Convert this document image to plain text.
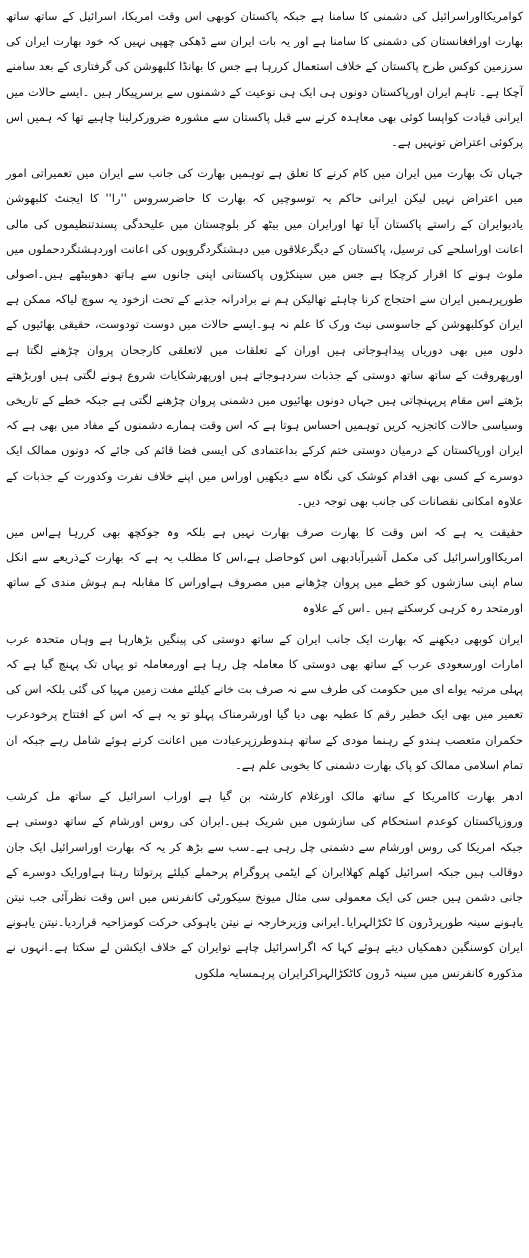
کوامریکااوراسرائیل کی دشمنی کا سامنا ہے جبکہ پاکستان کوبھی اس وقت امریکا، اسرائیل کے ساتھ ساتھ بھارت اورافغانستان کی دشمنی کا سامنا ہے اور یہ بات ایران سے ڈھکی چھپی نہیں کہ خود بھارت ایران کی سرزمین کوکس طرح پاکستان کے خلاف استعمال کررہا ہے جس کا بھانڈا کلبھوشن کی گرفتاری کے بعد سامنے آچکا ہے۔ تاہم ایران اورپاکستان دونوں ہی ایک ہی نوعیت کے دشمنوں سے برسرپیکار ہیں ۔ایسے حالات میں ایرانی قیادت کواپسا کوئی بھی معاہدہ کرنے سے قبل پاکستان سے مشورہ ضرورکرلینا چاہیے تھا کہ ہمیں اس پرکوئی اعتراض تونہیں ہے۔

جہاں تک بھارت میں ایران میں کام کرنے کا تعلق ہے توہمیں بھارت کی جانب سے ایران میں تعمیراتی امور میں اعتراض نہیں لیکن ایرانی حاکم یہ توسوچیں کہ بھارت کا حاضرسروس ''را'' کا ایجنٹ کلبھوشن یادیوایران کے راستے پاکستان آیا تھا اورایران میں بیٹھ کر بلوچستان میں علیحدگی پسندتنظیموں کی مالی اعانت اوراسلحے کی ترسیل، پاکستان کے دیگرعلاقوں میں دہشتگردگروپوں کی اعانت اوردہشتگردحملوں میں ملوث ہونے کا اقرار کرچکا ہے جس میں سینکڑوں پاکستانی اپنی جانوں سے ہاتھ دھوبیٹھے ہیں۔اصولی طورپرہمیں ایران سے احتجاج کرنا چاہئے تھالیکن ہم نے برادرانہ جذبے کے تحت ازخود یہ سوچ لیاکہ ممکن ہے ایران کوکلبھوشن کے جاسوسی نیٹ ورک کا علم نہ ہو۔ایسے حالات میں دوست تودوست، حقیقی بھائیوں کے دلوں میں بھی دوریاں پیداہوجاتی ہیں اوران کے تعلقات میں لاتعلقی کارجحان پروان چڑھنے لگتا ہے اورپھروقت کے ساتھ ساتھ دوستی کے جذبات سردہوجاتے ہیں اورپھرشکایات شروع ہونے لگتی ہیں اوربڑھتے بڑھتے اس مقام پرپہنچاتی ہیں جہاں دونوں بھائیوں میں دشمنی پروان چڑھنے لگتی ہے جبکہ خطے کے تاریخی وسیاسی حالات کاتجزیہ کریں توہمیں احساس ہوتا ہے کہ اس وقت ہمارے دشمنوں کے مفاد میں بھی ہے کہ ایران اورپاکستان کے درمیان دوستی ختم کرکے بداعتمادی کی ایسی فضا قائم کی جائے کہ دونوں ممالک ایک دوسرے کے کسی بھی اقدام کوشک کی نگاہ سے دیکھیں اوراس میں اپنے خلاف نفرت وکدورت کے جذبات کے علاوہ امکانی نقصانات کی جانب بھی توجہ دیں۔

حقیقت یہ ہے کہ اس وقت کا بھارت صرف بھارت نہیں ہے بلکہ وہ جوکچھ بھی کررہا ہےاس میں امریکااوراسرائیل کی مکمل آشیرآبادبھی اس کوحاصل ہے،اس کا مطلب یہ ہے کہ بھارت کےذریعے سے انکل سام اپنی سازشوں کو خطے میں پروان چڑھانے میں مصروف ہےاوراس کا مقابلہ ہم ہوش مندی کے ساتھ اورمتحد رہ کرہی کرسکتے ہیں ۔اس کے علاوہ

ایران کوبھی دیکھنے کہ بھارت ایک جانب ایران کے ساتھ دوستی کی پینگیں بڑھارہا ہے وہاں متحدہ عرب امارات اورسعودی عرب کے ساتھ بھی دوستی کا معاملہ چل رہا ہے اورمعاملہ تو یہاں تک پہنچ گیا ہے کہ پہلی مرتبہ یواے ای میں حکومت کی طرف سے نہ صرف بت خانے کیلئے مفت زمین مہیا کی گئی بلکہ اس کی تعمیر میں بھی ایک خطیر رقم کا عطیہ بھی دیا گیا اورشرمناک پہلو تو یہ ہے کہ اس کے افتتاح پرخودعرب حکمران متعصب ہندو کے رہنما مودی کے ساتھ ہندوطرزپرعبادت میں اعانت کرتے ہوئے شامل رہے جبکہ ان تمام اسلامی ممالک کو پاک بھارت دشمنی کا بخوبی علم ہے۔

ادھر بھارت کاامریکا کے ساتھ مالک اورغلام کارشتہ بن گیا ہے اوراب اسرائیل کے ساتھ مل کرشب وروزپاکستان کوعدم استحکام کی سازشوں میں شریک ہیں۔ایران کی روس اورشام کے ساتھ دوستی ہے جبکہ امریکا کی روس اورشام سے دشمنی چل رہی ہے۔سب سے بڑھ کر یہ کہ بھارت اوراسرائیل ایک جان دوقالب ہیں جبکہ اسرائیل کھلم کھلاایران کے ایٹمی پروگرام پرحملے کیلئے پرتولتا رہتا ہےاورایک دوسرے کے جانی دشمن ہیں جس کی ایک معمولی سی مثال میونخ سیکورٹی کانفرنس میں اس وقت نظرآئی جب نیتن یاہونے سینہ طورپرڈرون کا ٹکڑالہرایا۔ایرانی وزیرخارجہ نے نیتن یاہوکی حرکت کومزاحیہ قراردیا۔نیتن یاہونے ایران کوسنگین دھمکیاں دیتے ہوئے کہا کہ اگراسرائیل چاہے توایران کے خلاف ایکشن لے سکتا ہے۔انہوں نے مذکورہ کانفرنس میں سینہ ڈرون کاٹکڑالہراکرایران پرہمسایہ ملکوں
